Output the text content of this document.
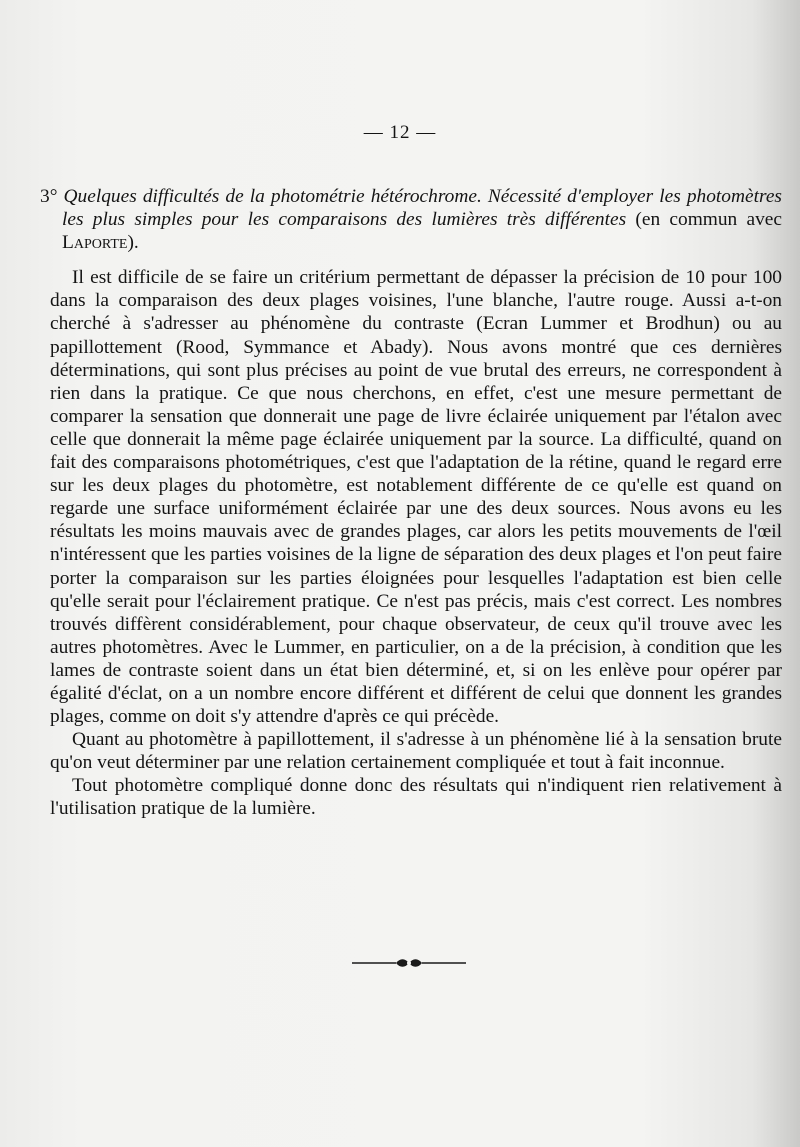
— 12 —

3° Quelques difficultés de la photométrie hétérochrome. Nécessité d'employer les photomètres les plus simples pour les comparaisons des lumières très différentes (en commun avec Laporte).

Il est difficile de se faire un critérium permettant de dépasser la précision de 10 pour 100 dans la comparaison des deux plages voisines, l'une blanche, l'autre rouge. Aussi a-t-on cherché à s'adresser au phénomène du contraste (Ecran Lummer et Brodhun) ou au papillottement (Rood, Symmance et Abady). Nous avons montré que ces dernières déterminations, qui sont plus précises au point de vue brutal des erreurs, ne correspondent à rien dans la pratique. Ce que nous cherchons, en effet, c'est une mesure permettant de comparer la sensation que donnerait une page de livre éclairée uniquement par l'étalon avec celle que donnerait la même page éclairée uniquement par la source. La difficulté, quand on fait des comparaisons photométriques, c'est que l'adaptation de la rétine, quand le regard erre sur les deux plages du photomètre, est notablement différente de ce qu'elle est quand on regarde une surface uniformément éclairée par une des deux sources. Nous avons eu les résultats les moins mauvais avec de grandes plages, car alors les petits mouvements de l'œil n'intéressent que les parties voisines de la ligne de séparation des deux plages et l'on peut faire porter la comparaison sur les parties éloignées pour lesquelles l'adaptation est bien celle qu'elle serait pour l'éclairement pratique. Ce n'est pas précis, mais c'est correct. Les nombres trouvés diffèrent considérablement, pour chaque observateur, de ceux qu'il trouve avec les autres photomètres. Avec le Lummer, en particulier, on a de la précision, à condition que les lames de contraste soient dans un état bien déterminé, et, si on les enlève pour opérer par égalité d'éclat, on a un nombre encore différent et différent de celui que donnent les grandes plages, comme on doit s'y attendre d'après ce qui précède.

Quant au photomètre à papillottement, il s'adresse à un phénomène lié à la sensation brute qu'on veut déterminer par une relation certainement compliquée et tout à fait inconnue.

Tout photomètre compliqué donne donc des résultats qui n'indiquent rien relativement à l'utilisation pratique de la lumière.
